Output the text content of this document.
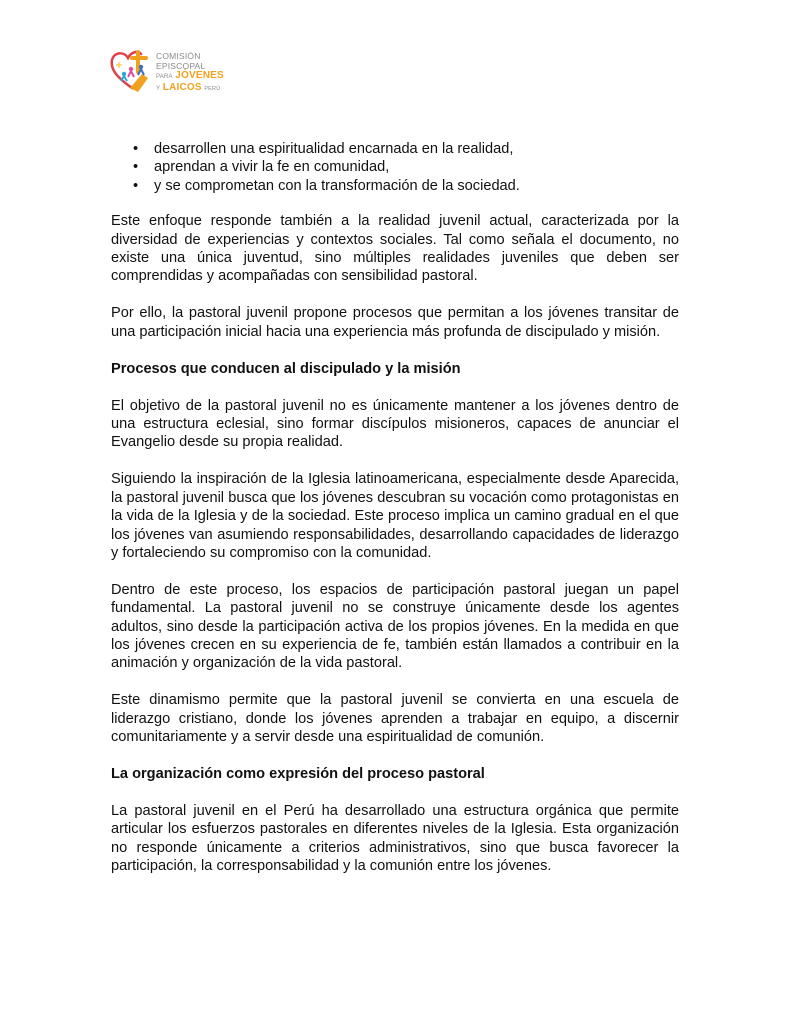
COMISIÓN
EPISCOPAL
PARA JÓVENES
Y LAICOS PERÚ
• desarrollen una espiritualidad encarnada en la realidad,
• aprendan a vivir la fe en comunidad,
• y se comprometan con la transformación de la sociedad.

Este enfoque responde también a la realidad juvenil actual, caracterizada por la diversidad de experiencias y contextos sociales. Tal como señala el documento, no existe una única juventud, sino múltiples realidades juveniles que deben ser comprendidas y acompañadas con sensibilidad pastoral.

Por ello, la pastoral juvenil propone procesos que permitan a los jóvenes transitar de una participación inicial hacia una experiencia más profunda de discipulado y misión.

Procesos que conducen al discipulado y la misión

El objetivo de la pastoral juvenil no es únicamente mantener a los jóvenes dentro de una estructura eclesial, sino formar discípulos misioneros, capaces de anunciar el Evangelio desde su propia realidad.

Siguiendo la inspiración de la Iglesia latinoamericana, especialmente desde Aparecida, la pastoral juvenil busca que los jóvenes descubran su vocación como protagonistas en la vida de la Iglesia y de la sociedad. Este proceso implica un camino gradual en el que los jóvenes van asumiendo responsabilidades, desarrollando capacidades de liderazgo y fortaleciendo su compromiso con la comunidad.

Dentro de este proceso, los espacios de participación pastoral juegan un papel fundamental. La pastoral juvenil no se construye únicamente desde los agentes adultos, sino desde la participación activa de los propios jóvenes. En la medida en que los jóvenes crecen en su experiencia de fe, también están llamados a contribuir en la animación y organización de la vida pastoral.

Este dinamismo permite que la pastoral juvenil se convierta en una escuela de liderazgo cristiano, donde los jóvenes aprenden a trabajar en equipo, a discernir comunitariamente y a servir desde una espiritualidad de comunión.

La organización como expresión del proceso pastoral

La pastoral juvenil en el Perú ha desarrollado una estructura orgánica que permite articular los esfuerzos pastorales en diferentes niveles de la Iglesia. Esta organización no responde únicamente a criterios administrativos, sino que busca favorecer la participación, la corresponsabilidad y la comunión entre los jóvenes.
